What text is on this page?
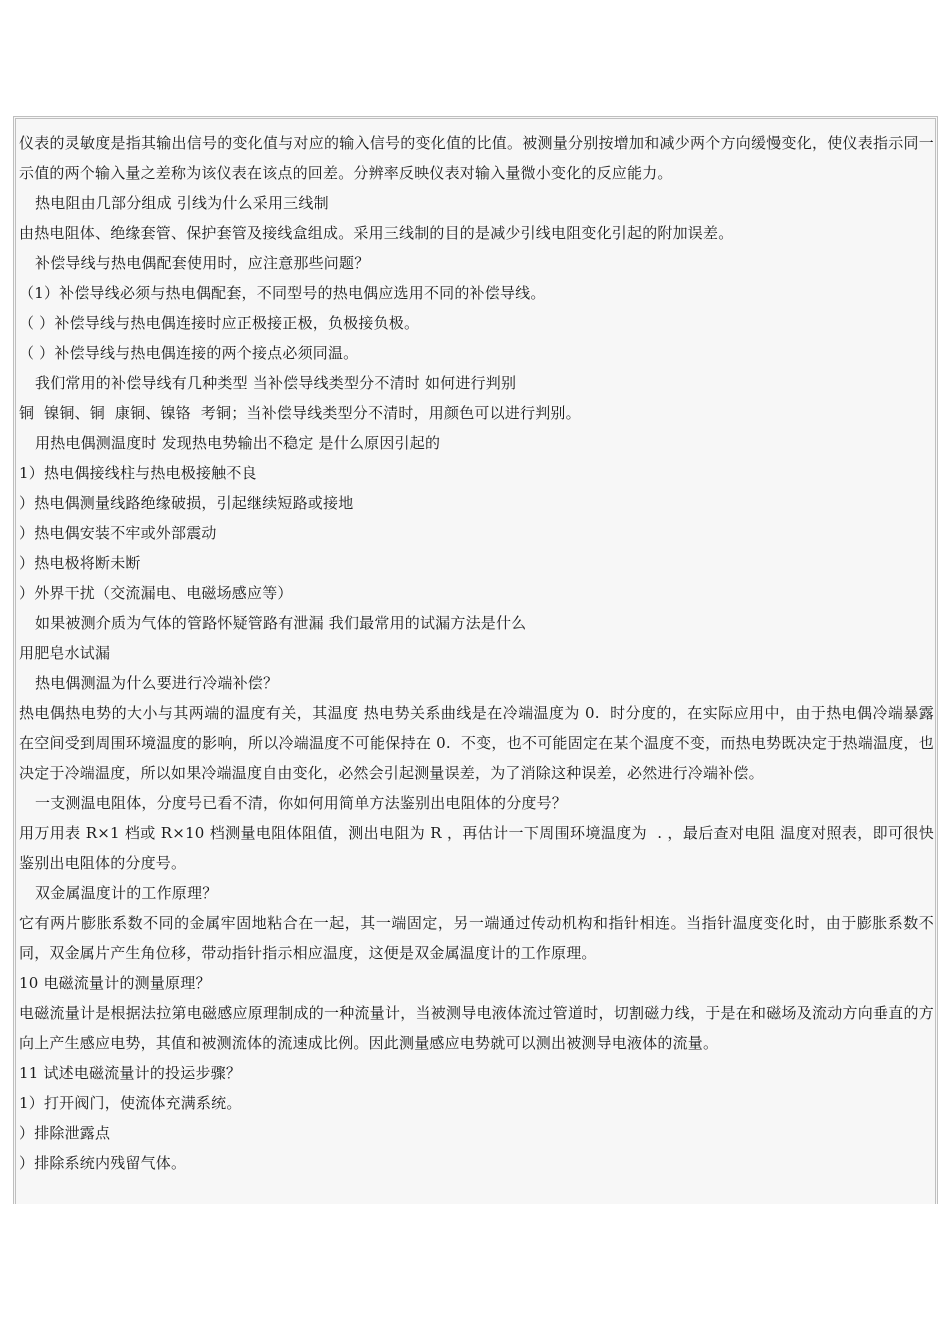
仪表的灵敏度是指其输出信号的变化值与对应的输入信号的变化值的比值。被测量分别按增加和减少两个方向缓慢变化，使仪表指示同一示值的两个输入量之差称为该仪表在该点的回差。分辨率反映仪表对输入量微小变化的反应能力。
热电阻由几部分组成 引线为什么采用三线制
由热电阻体、绝缘套管、保护套管及接线盒组成。采用三线制的目的是减少引线电阻变化引起的附加误差。
补偿导线与热电偶配套使用时，应注意那些问题？
（1）补偿导线必须与热电偶配套，不同型号的热电偶应选用不同的补偿导线。
（ ）补偿导线与热电偶连接时应正极接正极，负极接负极。
（ ）补偿导线与热电偶连接的两个接点必须同温。
我们常用的补偿导线有几种类型 当补偿导线类型分不清时 如何进行判别
铜  镍铜、铜  康铜、镍铬  考铜；当补偿导线类型分不清时，用颜色可以进行判别。
用热电偶测温度时 发现热电势输出不稳定 是什么原因引起的
1）热电偶接线柱与热电极接触不良
）热电偶测量线路绝缘破损，引起继续短路或接地
）热电偶安装不牢或外部震动
）热电极将断未断
）外界干扰（交流漏电、电磁场感应等）
如果被测介质为气体的管路怀疑管路有泄漏 我们最常用的试漏方法是什么
用肥皂水试漏
热电偶测温为什么要进行冷端补偿？
热电偶热电势的大小与其两端的温度有关，其温度 热电势关系曲线是在冷端温度为 0.  时分度的，在实际应用中，由于热电偶冷端暴露在空间受到周围环境温度的影响，所以冷端温度不可能保持在 0.  不变，也不可能固定在某个温度不变，而热电势既决定于热端温度，也决定于冷端温度，所以如果冷端温度自由变化，必然会引起测量误差，为了消除这种误差，必然进行冷端补偿。
一支测温电阻体，分度号已看不清，你如何用简单方法鉴别出电阻体的分度号？
用万用表 R×1 档或 R×10 档测量电阻体阻值，测出电阻为 R ，再估计一下周围环境温度为  . ，最后查对电阻 温度对照表，即可很快鉴别出电阻体的分度号。
双金属温度计的工作原理？
它有两片膨胀系数不同的金属牢固地粘合在一起，其一端固定，另一端通过传动机构和指针相连。当指针温度变化时，由于膨胀系数不同，双金属片产生角位移，带动指针指示相应温度，这便是双金属温度计的工作原理。
10 电磁流量计的测量原理？
电磁流量计是根据法拉第电磁感应原理制成的一种流量计，当被测导电液体流过管道时，切割磁力线，于是在和磁场及流动方向垂直的方向上产生感应电势，其值和被测流体的流速成比例。因此测量感应电势就可以测出被测导电液体的流量。
11 试述电磁流量计的投运步骤？
1）打开阀门，使流体充满系统。
）排除泄露点
）排除系统内残留气体。
